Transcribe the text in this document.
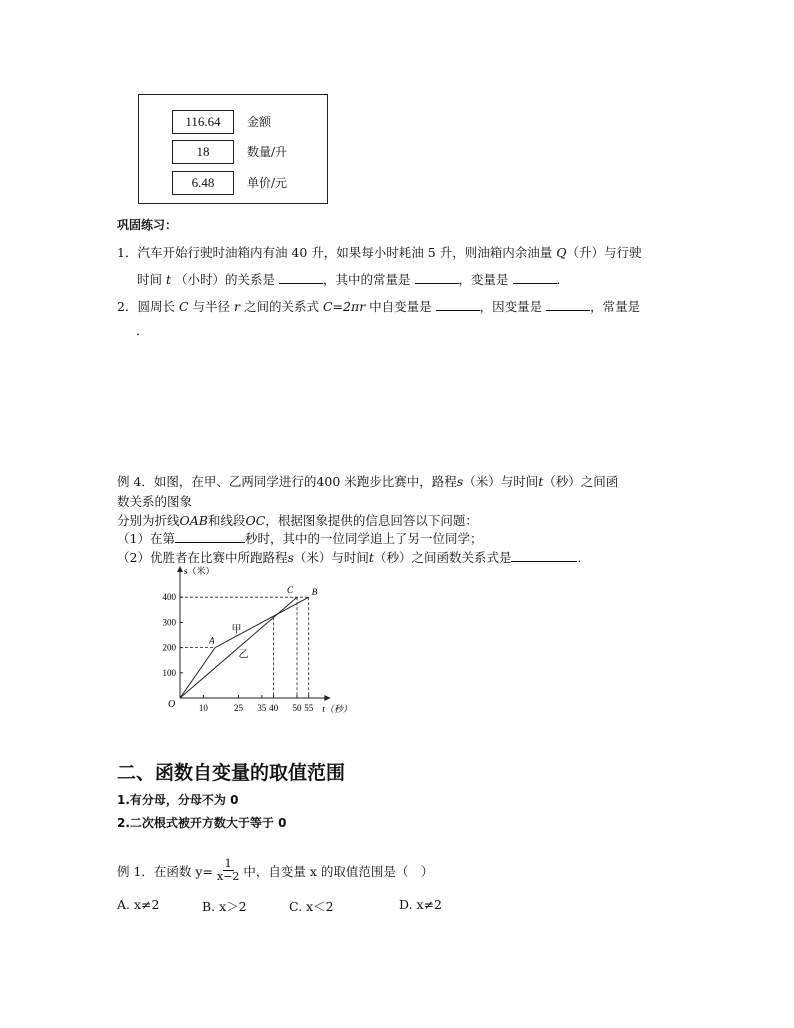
116.64	金额
18	数量/升
6.48	单价/元
巩固练习：
1．汽车开始行驶时油箱内有油 40 升，如果每小时耗油 5 升，则油箱内余油量 Q（升）与行驶
时间 t （小时）的关系是	，其中的常量是	，变量是	．
2．圆周长 C 与半径 r 之间的关系式 C=2πr 中自变量是	，因变量是	，常量是
．
例 4．如图，在甲、乙两同学进行的400 米跑步比赛中，路程s（米）与时间t（秒）之间函
数关系的图象
分别为折线OAB和线段OC，根据图象提供的信息回答以下问题：
（1）在第	秒时，其中的一位同学追上了另一位同学；
（2）优胜者在比赛中所跑路程s（米）与时间t（秒）之间函数关系式是	．
s（米）
t（秒）
O	10	25 35 40 50 55
100
200
300
400
A
B
C
甲
乙
二、函数自变量的取值范围
1.有分母，分母不为 0
2.二次根式被开方数大于等于 0
例 1．在函数 $y= \frac{1}{x-2}$ 中，自变量 x 的取值范围是（　）
A. x≠2	B. x＞2	C. x＜2	D. x≠2
